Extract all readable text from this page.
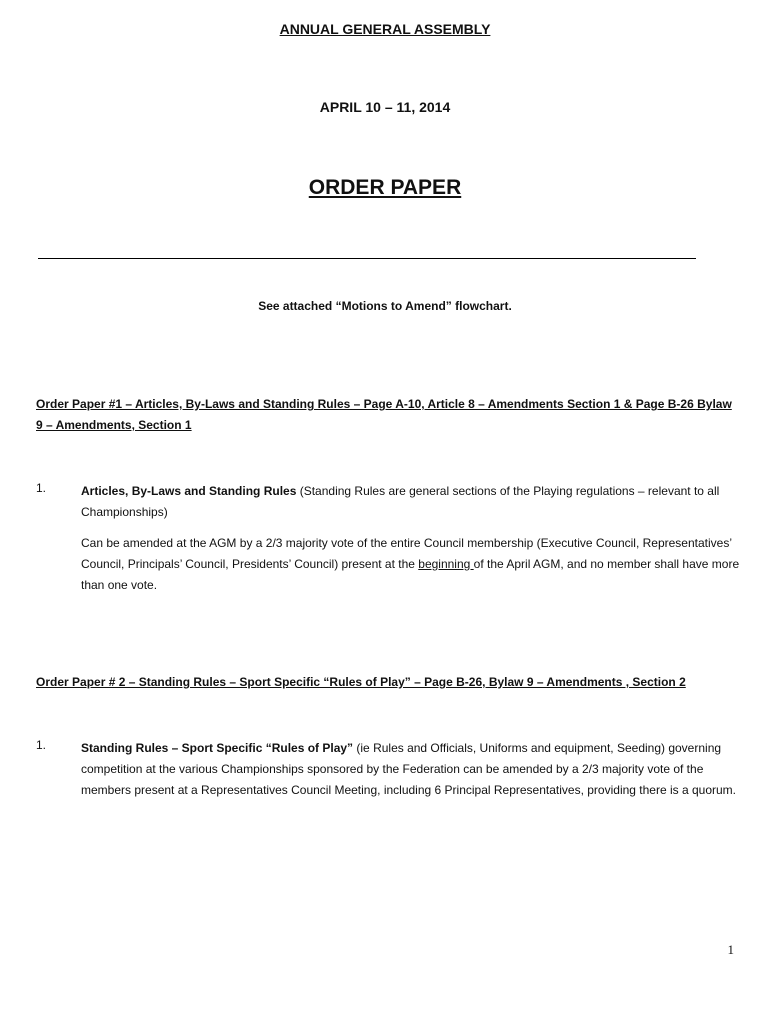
ANNUAL GENERAL ASSEMBLY
APRIL 10 – 11, 2014
ORDER PAPER
See attached “Motions to Amend” flowchart.
Order Paper #1 – Articles, By-Laws and Standing Rules – Page A-10, Article 8 – Amendments Section 1 & Page B-26 Bylaw 9 – Amendments, Section 1
1.	Articles, By-Laws and Standing Rules (Standing Rules are general sections of the Playing regulations – relevant to all Championships)
Can be amended at the AGM by a 2/3 majority vote of the entire Council membership (Executive Council, Representatives’ Council, Principals’ Council, Presidents’ Council) present at the beginning of the April AGM, and no member shall have more than one vote.
Order Paper # 2 – Standing Rules – Sport Specific “Rules of Play” – Page B-26, Bylaw 9 – Amendments , Section 2
1.	Standing Rules – Sport Specific “Rules of Play” (ie Rules and Officials, Uniforms and equipment, Seeding) governing competition at the various Championships sponsored by the Federation can be amended by a 2/3 majority vote of the members present at a Representatives Council Meeting, including 6 Principal Representatives, providing there is a quorum.
1
